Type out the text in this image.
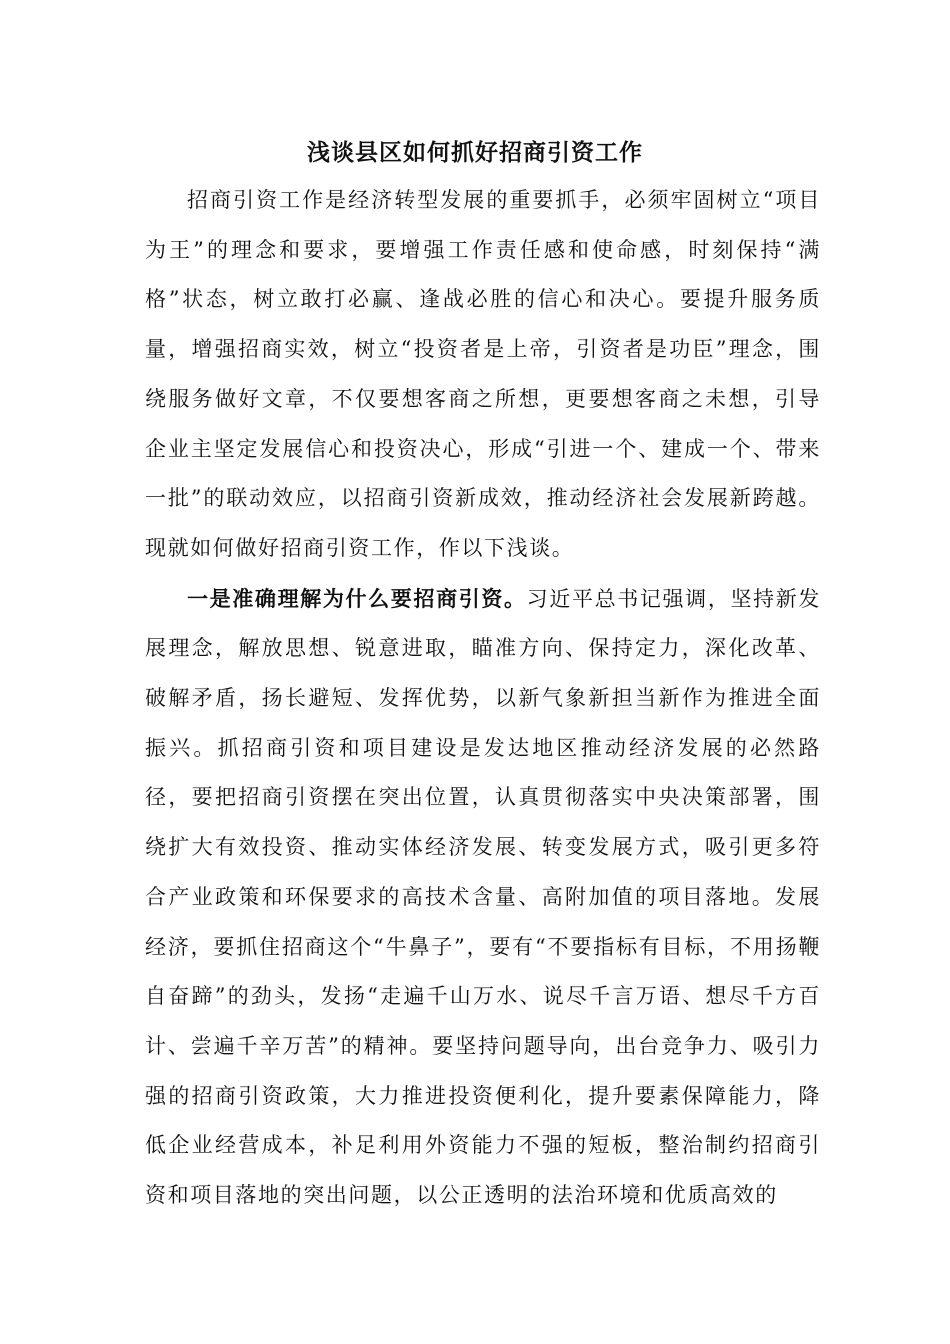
浅谈县区如何抓好招商引资工作

招商引资工作是经济转型发展的重要抓手，必须牢固树立“项目为王”的理念和要求，要增强工作责任感和使命感，时刻保持“满格”状态，树立敢打必赢、逢战必胜的信心和决心。要提升服务质量，增强招商实效，树立“投资者是上帝，引资者是功臣”理念，围绕服务做好文章，不仅要想客商之所想，更要想客商之未想，引导企业主坚定发展信心和投资决心，形成“引进一个、建成一个、带来一批”的联动效应，以招商引资新成效，推动经济社会发展新跨越。现就如何做好招商引资工作，作以下浅谈。

一是准确理解为什么要招商引资。习近平总书记强调，坚持新发展理念，解放思想、锐意进取，瞄准方向、保持定力，深化改革、破解矛盾，扬长避短、发挥优势，以新气象新担当新作为推进全面振兴。抓招商引资和项目建设是发达地区推动经济发展的必然路径，要把招商引资摆在突出位置，认真贯彻落实中央决策部署，围绕扩大有效投资、推动实体经济发展、转变发展方式，吸引更多符合产业政策和环保要求的高技术含量、高附加值的项目落地。发展经济，要抓住招商这个“牛鼻子”，要有“不要指标有目标，不用扬鞭自奋蹄”的劲头，发扬“走遍千山万水、说尽千言万语、想尽千方百计、尝遍千辛万苦”的精神。要坚持问题导向，出台竞争力、吸引力强的招商引资政策，大力推进投资便利化，提升要素保障能力，降低企业经营成本，补足利用外资能力不强的短板，整治制约招商引资和项目落地的突出问题，以公正透明的法治环境和优质高效的
